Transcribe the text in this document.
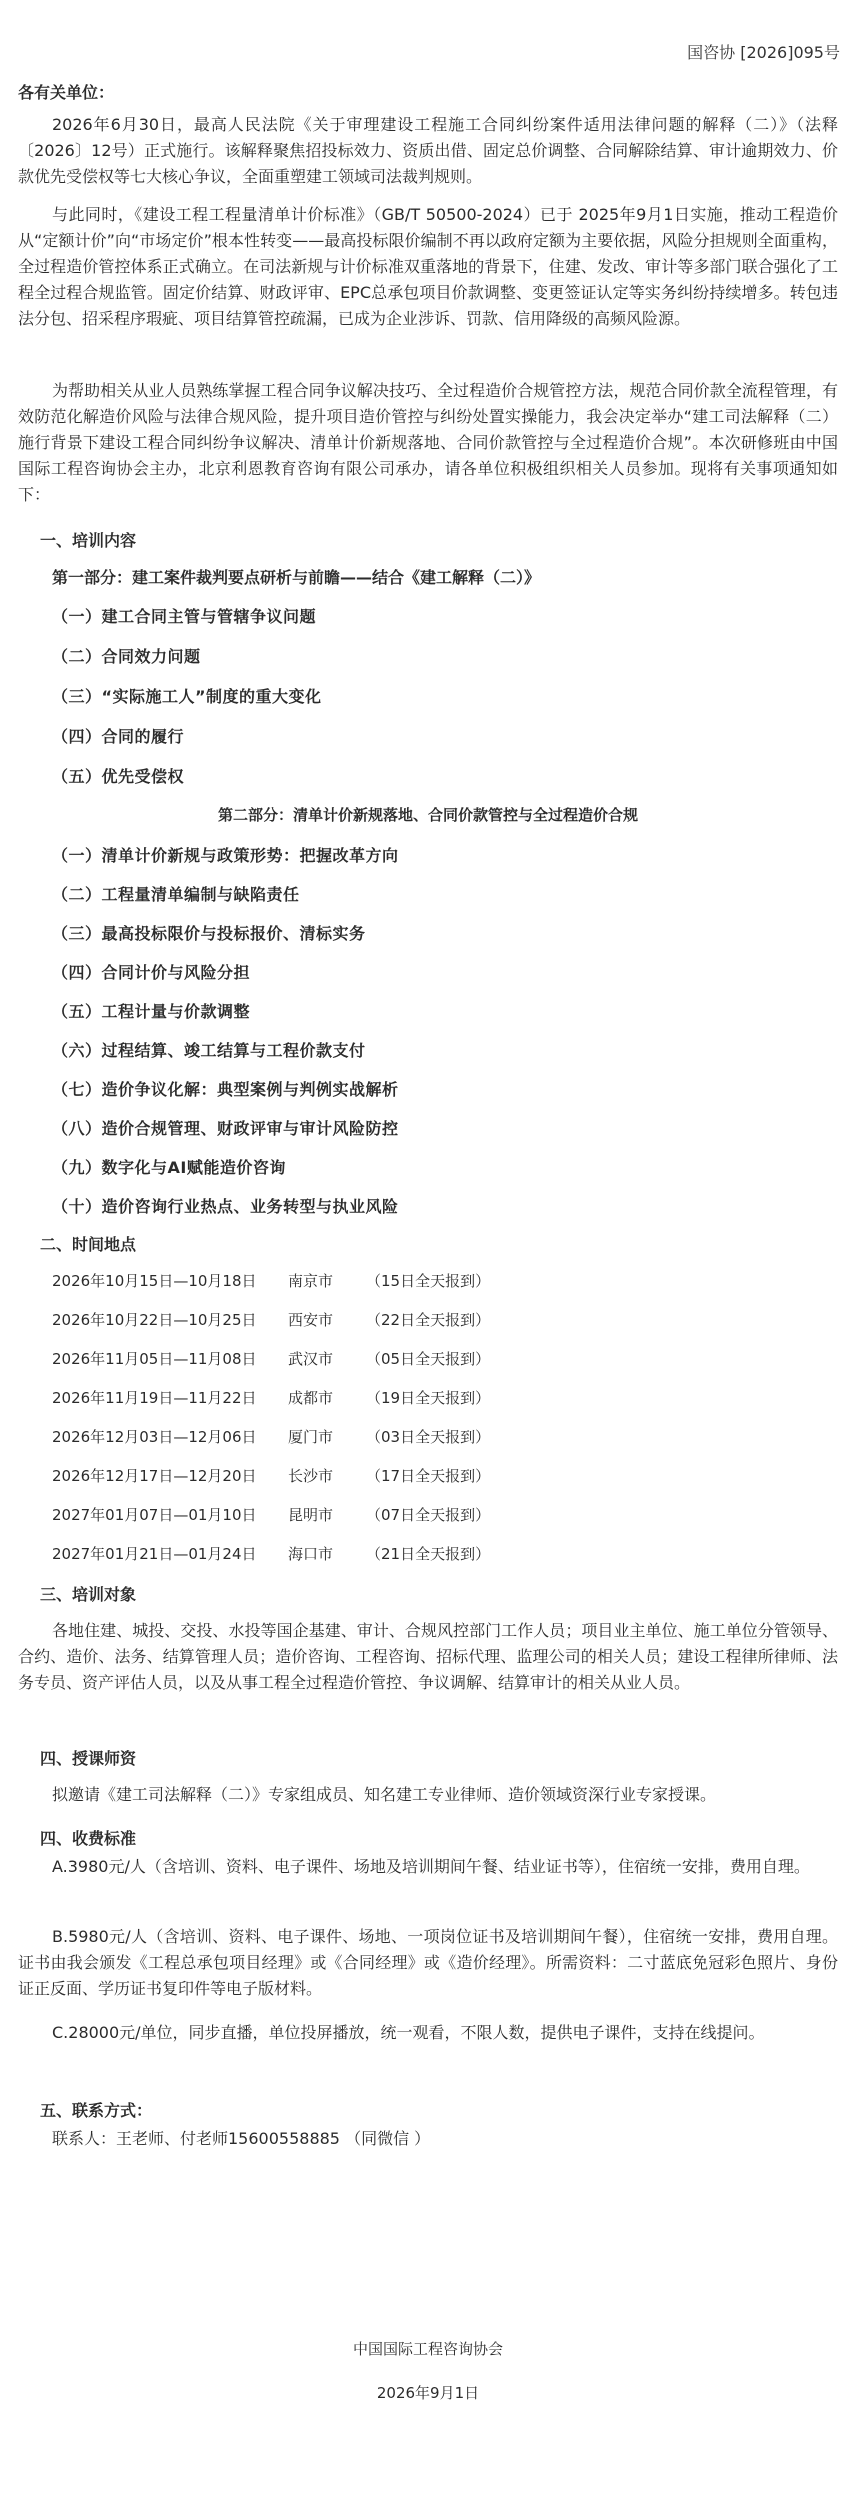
国咨协 [2026]095号
各有关单位：

2026年6月30日，最高人民法院《关于审理建设工程施工合同纠纷案件适用法律问题的解释（二）》（法释〔2026〕12号）正式施行。该解释聚焦招投标效力、资质出借、固定总价调整、合同解除结算、审计逾期效力、价款优先受偿权等七大核心争议，全面重塑建工领域司法裁判规则。

与此同时，《建设工程工程量清单计价标准》（GB/T 50500-2024）已于 2025年9月1日实施，推动工程造价从“定额计价”向“市场定价”根本性转变——最高投标限价编制不再以政府定额为主要依据，风险分担规则全面重构，全过程造价管控体系正式确立。在司法新规与计价标准双重落地的背景下，住建、发改、审计等多部门联合强化了工程全过程合规监管。固定价结算、财政评审、EPC总承包项目价款调整、变更签证认定等实务纠纷持续增多。转包违法分包、招采程序瑕疵、项目结算管控疏漏，已成为企业涉诉、罚款、信用降级的高频风险源。

为帮助相关从业人员熟练掌握工程合同争议解决技巧、全过程造价合规管控方法，规范合同价款全流程管理，有效防范化解造价风险与法律合规风险，提升项目造价管控与纠纷处置实操能力，我会决定举办“建工司法解释（二）施行背景下建设工程合同纠纷争议解决、清单计价新规落地、合同价款管控与全过程造价合规”。本次研修班由中国国际工程咨询协会主办，北京利恩教育咨询有限公司承办，请各单位积极组织相关人员参加。现将有关事项通知如下：

一、培训内容
第一部分：建工案件裁判要点研析与前瞻——结合《建工解释（二）》
（一）建工合同主管与管辖争议问题
（二）合同效力问题
（三）“实际施工人”制度的重大变化
（四）合同的履行
（五）优先受偿权
第二部分：清单计价新规落地、合同价款管控与全过程造价合规
（一）清单计价新规与政策形势：把握改革方向
（二）工程量清单编制与缺陷责任
（三）最高投标限价与投标报价、清标实务
（四）合同计价与风险分担
（五）工程计量与价款调整
（六）过程结算、竣工结算与工程价款支付
（七）造价争议化解：典型案例与判例实战解析
（八）造价合规管理、财政评审与审计风险防控
（九）数字化与AI赋能造价咨询
（十）造价咨询行业热点、业务转型与执业风险
二、时间地点
2026年10月15日—10月18日 南京市 （15日全天报到）
2026年10月22日—10月25日 西安市 （22日全天报到）
2026年11月05日—11月08日 武汉市 （05日全天报到）
2026年11月19日—11月22日 成都市 （19日全天报到）
2026年12月03日—12月06日 厦门市 （03日全天报到）
2026年12月17日—12月20日 长沙市 （17日全天报到）
2027年01月07日—01月10日 昆明市 （07日全天报到）
2027年01月21日—01月24日 海口市 （21日全天报到）
三、培训对象

各地住建、城投、交投、水投等国企基建、审计、合规风控部门工作人员；项目业主单位、施工单位分管领导、合约、造价、法务、结算管理人员；造价咨询、工程咨询、招标代理、监理公司的相关人员；建设工程律所律师、法务专员、资产评估人员，以及从事工程全过程造价管控、争议调解、结算审计的相关从业人员。

四、授课师资

拟邀请《建工司法解释（二）》专家组成员、知名建工专业律师、造价领域资深行业专家授课。

四、收费标准

A.3980元/人（含培训、资料、电子课件、场地及培训期间午餐、结业证书等），住宿统一安排，费用自理。

B.5980元/人（含培训、资料、电子课件、场地、一项岗位证书及培训期间午餐），住宿统一安排，费用自理。证书由我会颁发《工程总承包项目经理》或《合同经理》或《造价经理》。所需资料：二寸蓝底免冠彩色照片、身份证正反面、学历证书复印件等电子版材料。

C.28000元/单位，同步直播，单位投屏播放，统一观看，不限人数，提供电子课件，支持在线提问。

五、联系方式：
联系人：王老师、付老师15600558885 （同微信 ）
中国国际工程咨询协会
2026年9月1日
